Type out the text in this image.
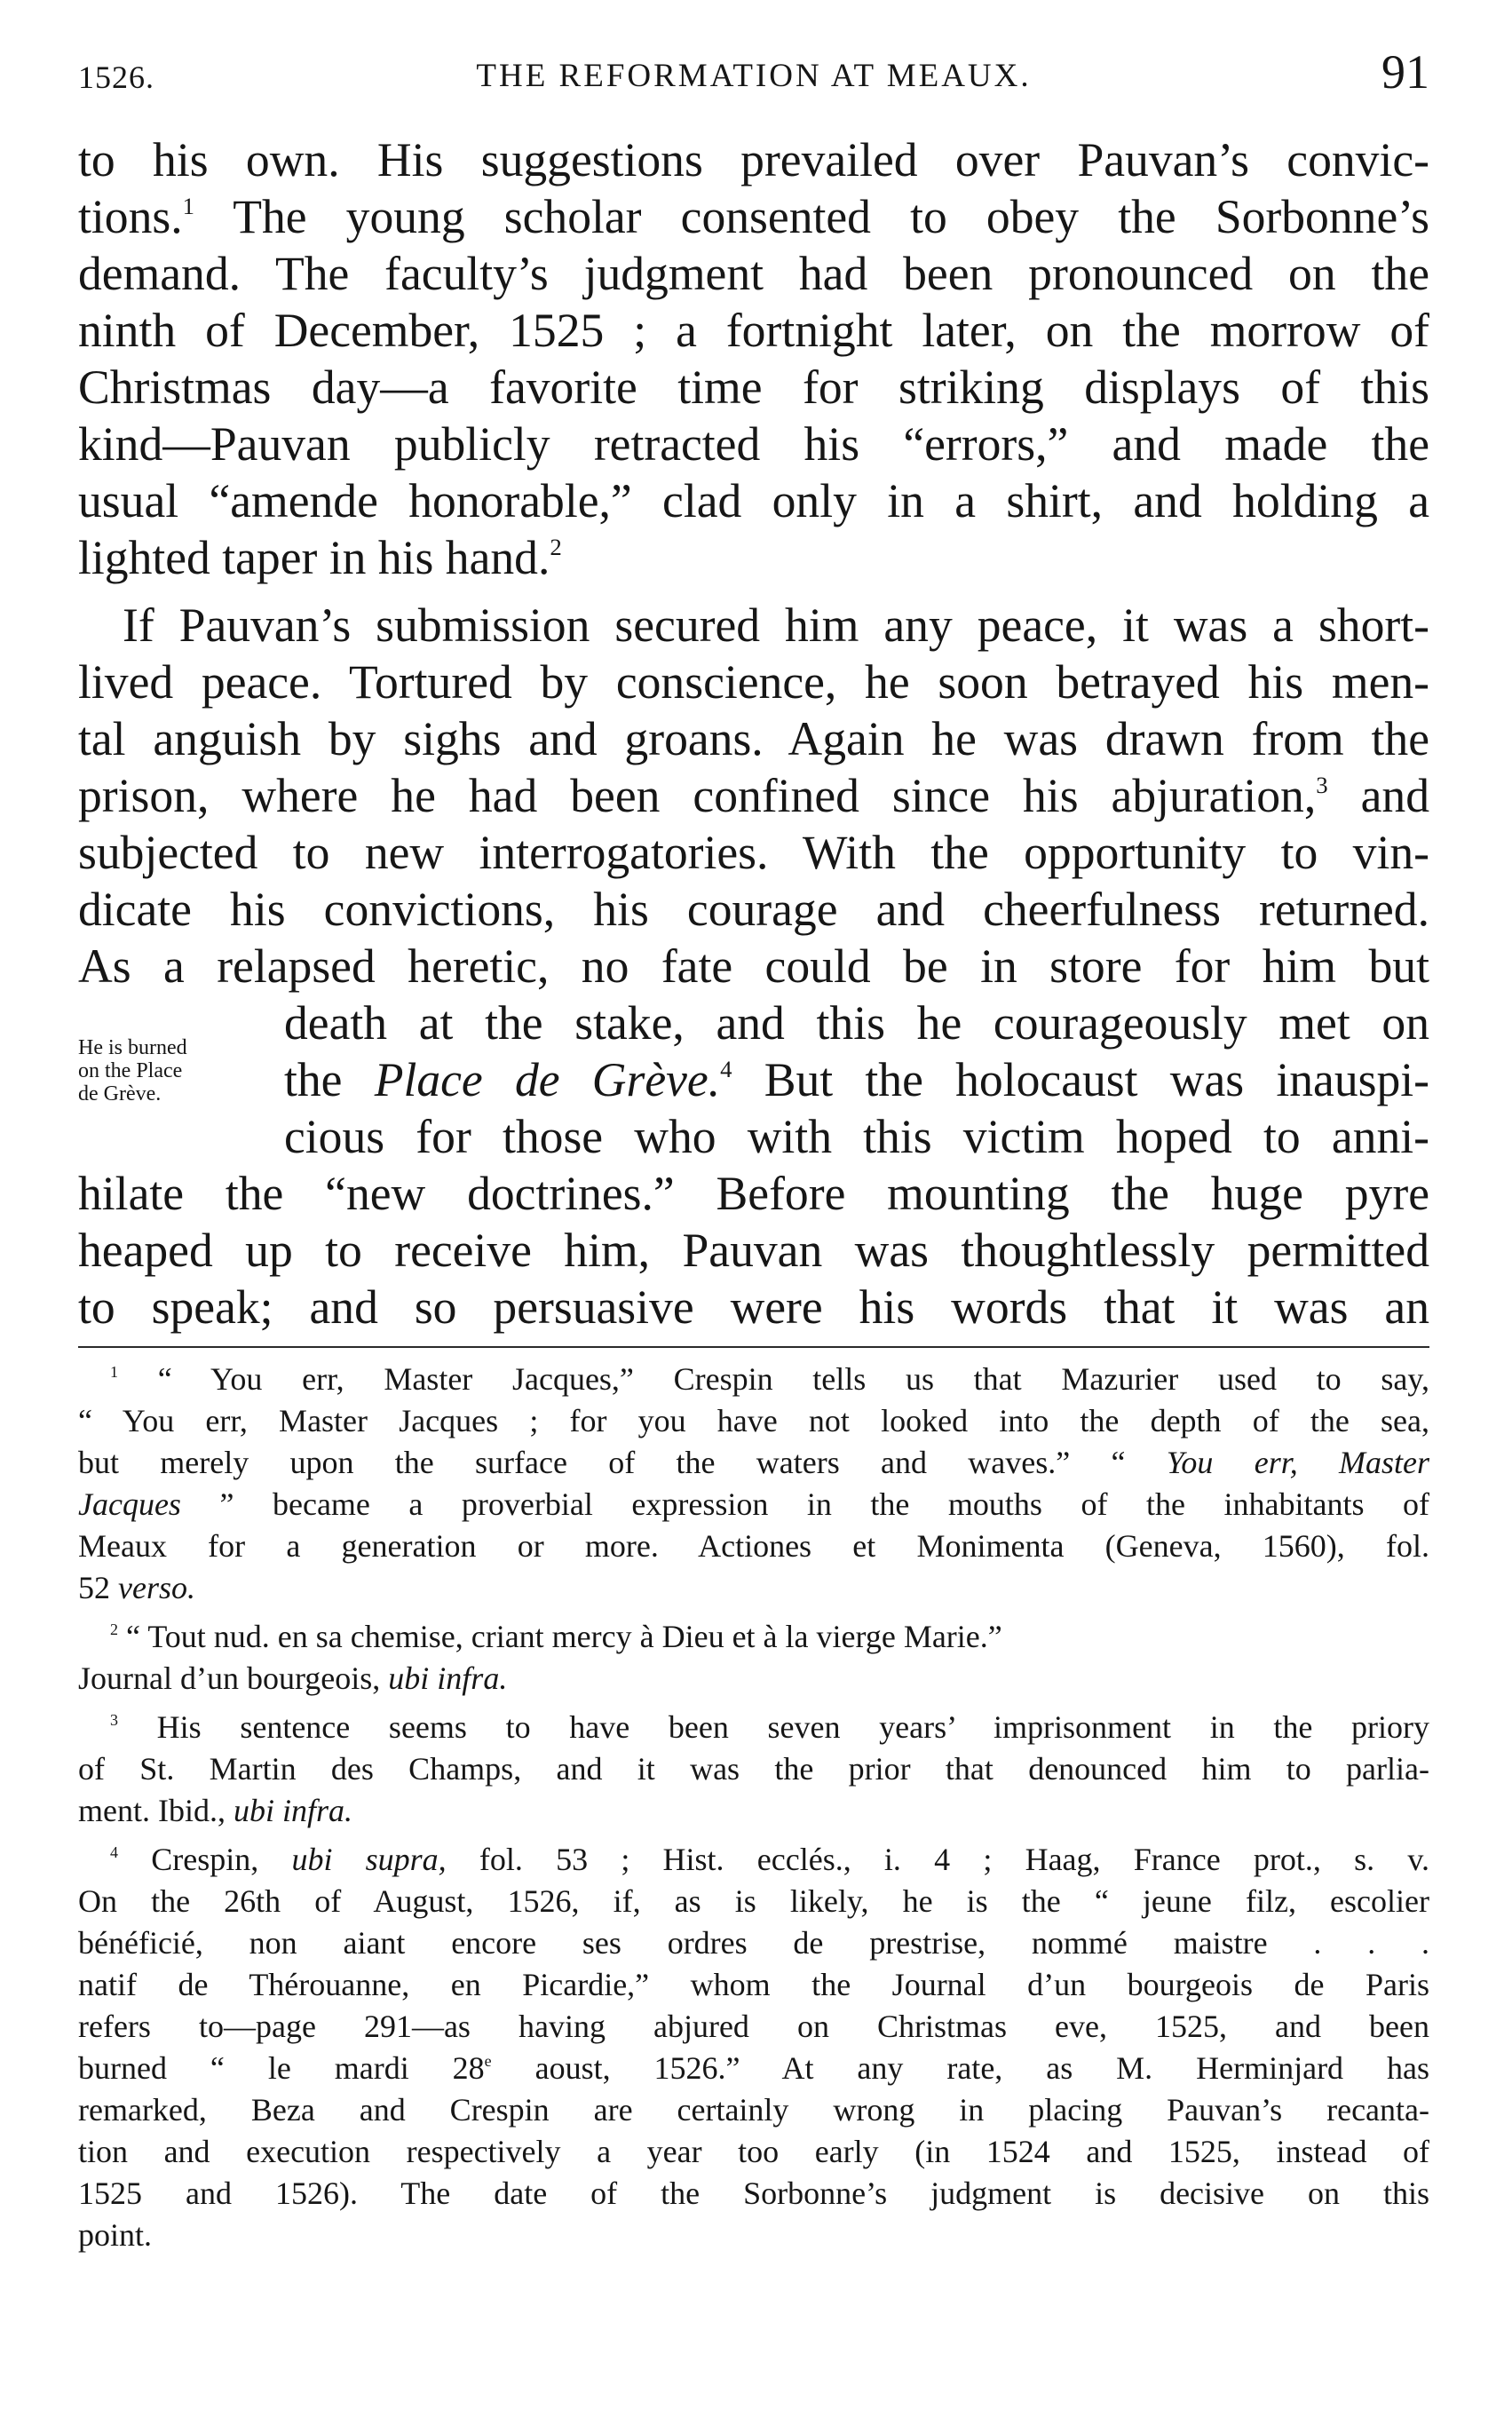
1526.	THE REFORMATION AT MEAUX.	91
to his own. His suggestions prevailed over Pauvan’s convic-
tions.$^1$ The young scholar consented to obey the Sorbonne’s
demand. The faculty’s judgment had been pronounced on the
ninth of December, 1525 ; a fortnight later, on the morrow of
Christmas day—a favorite time for striking displays of this
kind—Pauvan publicly retracted his “errors,” and made the
usual “amende honorable,” clad only in a shirt, and holding a
lighted taper in his hand.$^2$
If Pauvan’s submission secured him any peace, it was a short-
lived peace. Tortured by conscience, he soon betrayed his men-
tal anguish by sighs and groans. Again he was drawn from the
prison, where he had been confined since his abjuration,$^3$ and
subjected to new interrogatories. With the opportunity to vin-
dicate his convictions, his courage and cheerfulness returned.
As a relapsed heretic, no fate could be in store for him but
death at the stake, and this he courageously met on
the Place de Grève.$^4$ But the holocaust was inauspi-
cious for those who with this victim hoped to anni-
hilate the “new doctrines.” Before mounting the huge pyre
heaped up to receive him, Pauvan was thoughtlessly permitted
to speak; and so persuasive were his words that it was an
He is burned
on the Place
de Grève.
$^1$ “ You err, Master Jacques,” Crespin tells us that Mazurier used to say,
“ You err, Master Jacques ; for you have not looked into the depth of the sea,
but merely upon the surface of the waters and waves.” “ You err, Master
Jacques ” became a proverbial expression in the mouths of the inhabitants of
Meaux for a generation or more. Actiones et Monimenta (Geneva, 1560), fol.
52 verso.
$^2$ “ Tout nud. en sa chemise, criant mercy à Dieu et à la vierge Marie.”
Journal d’un bourgeois, ubi infra.
$^3$ His sentence seems to have been seven years’ imprisonment in the priory
of St. Martin des Champs, and it was the prior that denounced him to parlia-
ment. Ibid., ubi infra.
$^4$ Crespin, ubi supra, fol. 53 ; Hist. ecclés., i. 4 ; Haag, France prot., s. v.
On the 26th of August, 1526, if, as is likely, he is the “ jeune filz, escolier
bénéficié, non aiant encore ses ordres de prestrise, nommé maistre . . .
natif de Thérouanne, en Picardie,” whom the Journal d’un bourgeois de Paris
refers to—page 291—as having abjured on Christmas eve, 1525, and been
burned “ le mardi 28e aoust, 1526.” At any rate, as M. Herminjard has
remarked, Beza and Crespin are certainly wrong in placing Pauvan’s recanta-
tion and execution respectively a year too early (in 1524 and 1525, instead of
1525 and 1526). The date of the Sorbonne’s judgment is decisive on this
point.
